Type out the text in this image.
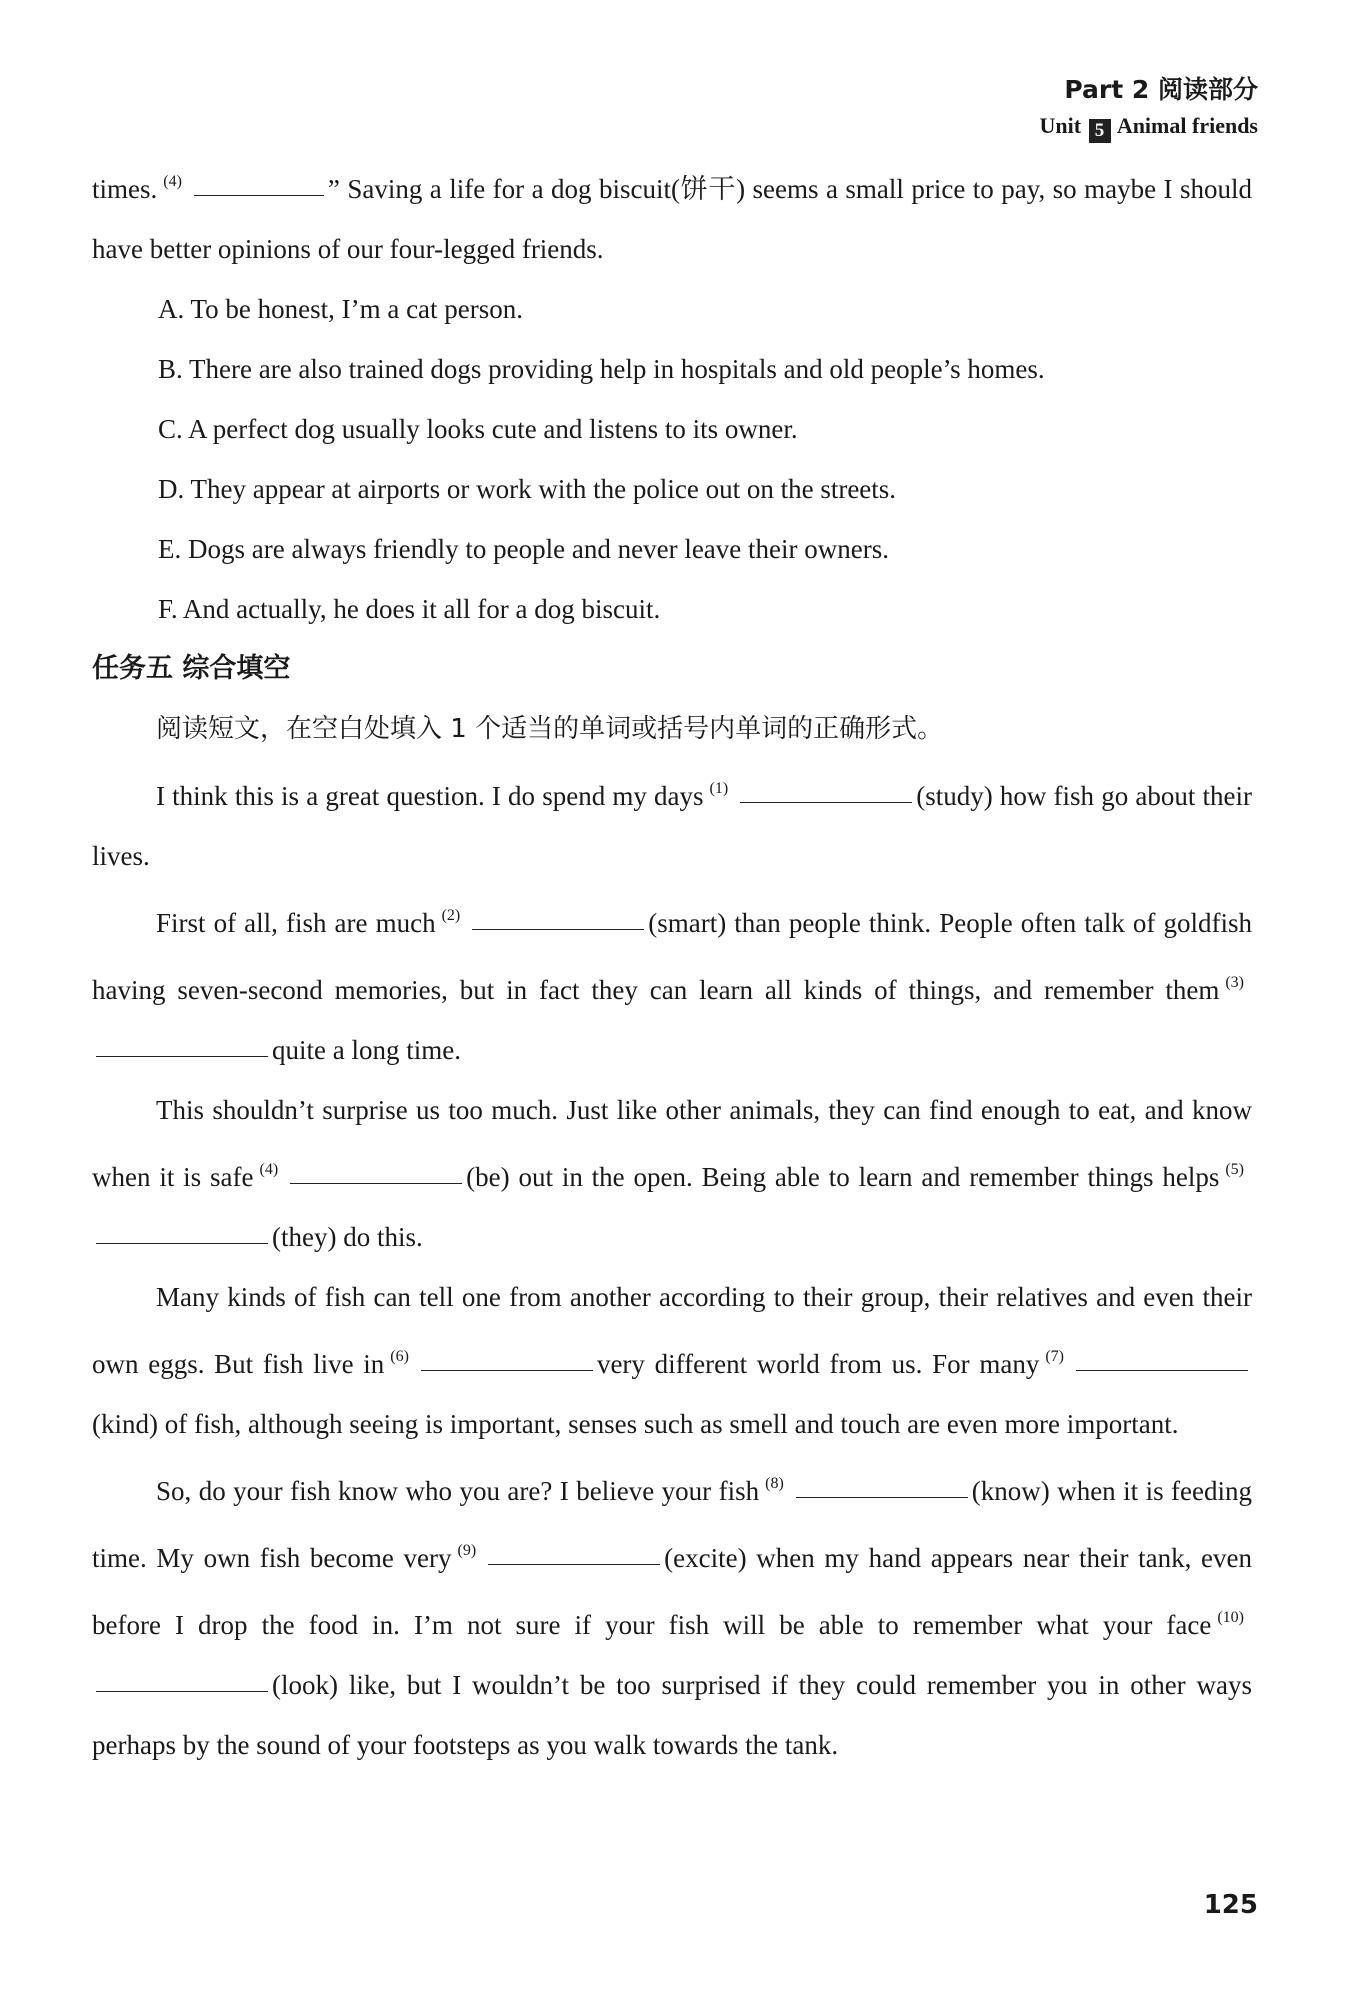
Part 2 阅读部分
Unit 5 Animal friends

times. $^{(4)}$	” Saving a life for a dog biscuit(饼干) seems a small price to pay, so maybe I should have better opinions of our four-legged friends.

A. To be honest, I’m a cat person.

B. There are also trained dogs providing help in hospitals and old people’s homes.

C. A perfect dog usually looks cute and listens to its owner.

D. They appear at airports or work with the police out on the streets.

E. Dogs are always friendly to people and never leave their owners.

F. And actually, he does it all for a dog biscuit.

任务五 综合填空

阅读短文，在空白处填入 1 个适当的单词或括号内单词的正确形式。

I think this is a great question. I do spend my days $^{(1)}$	(study) how fish go about their lives.

First of all, fish are much $^{(2)}$	(smart) than people think. People often talk of goldfish having seven-second memories, but in fact they can learn all kinds of things, and remember them $^{(3)}$quite a long time.

This shouldn’t surprise us too much. Just like other animals, they can find enough to eat, and know when it is safe $^{(4)}$	(be) out in the open. Being able to learn and remember things helps $^{(5)}$(they) do this.

Many kinds of fish can tell one from another according to their group, their relatives and even their own eggs. But fish live in $^{(6)}$	very different world from us. For many $^{(7)}$(kind) of fish, although seeing is important, senses such as smell and touch are even more important.

So, do your fish know who you are? I believe your fish $^{(8)}$	(know) when it is feeding time. My own fish become very $^{(9)}$	(excite) when my hand appears near their tank, even before I drop the food in. I’m not sure if your fish will be able to remember what your face $^{(10)}$(look) like, but I wouldn’t be too surprised if they could remember you in other ways perhaps by the sound of your footsteps as you walk towards the tank.

125
